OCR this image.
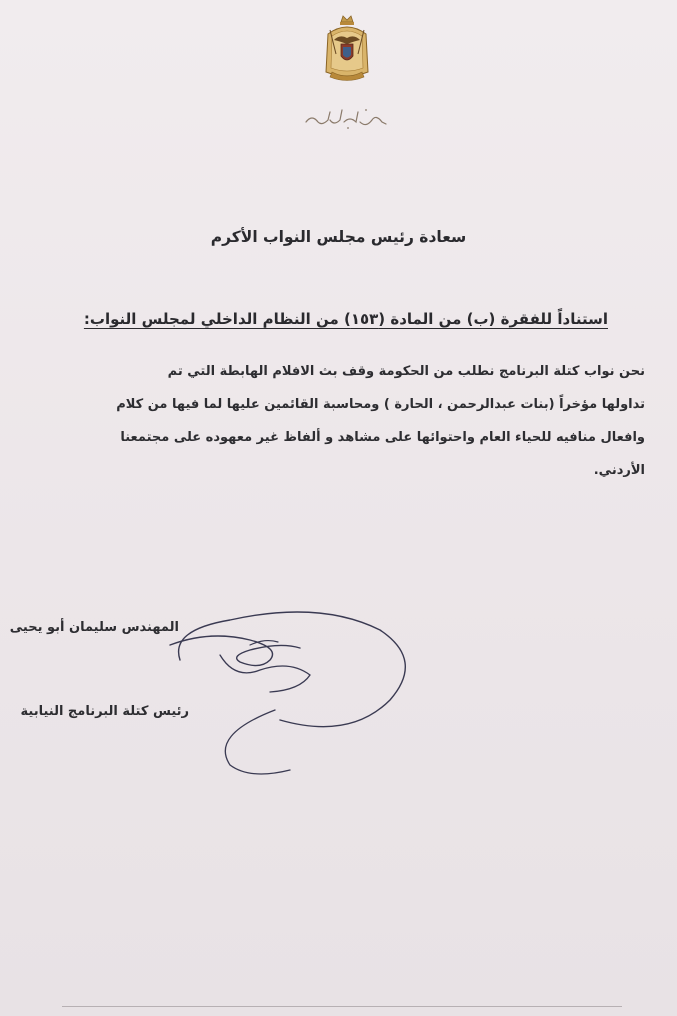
سعادة رئيس مجلس النواب الأكرم
استناداً للفقرة (ب) من المادة (١٥٣) من النظام الداخلي لمجلس النواب:
نحن نواب كتلة البرنامج نطلب من الحكومة وقف بث الافلام الهابطة التي تم
تداولها مؤخراً (بنات عبدالرحمن ، الحارة ) ومحاسبة القائمين عليها لما فيها من كلام
وافعال منافيه للحياء العام واحتوائها على مشاهد و ألفاظ غير معهوده على مجتمعنا
الأردني.
المهندس سليمان أبو يحيى
رئيس كتلة البرنامج النيابية
